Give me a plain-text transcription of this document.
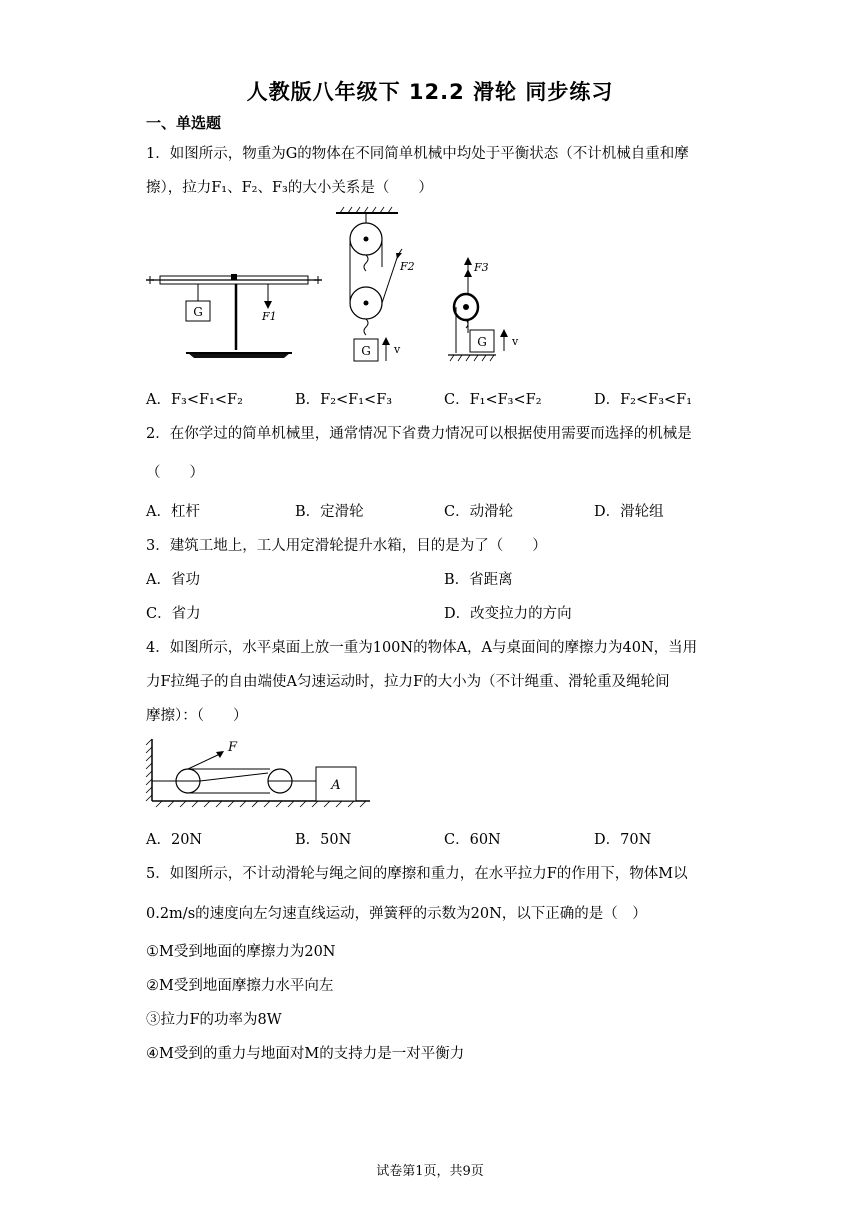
人教版八年级下 12.2 滑轮 同步练习
一、单选题
1．如图所示，物重为G的物体在不同简单机械中均处于平衡状态（不计机械自重和摩
擦），拉力F₁、F₂、F₃的大小关系是（　　）
G	F1
F2
G v
F3
G v
A．F₃<F₁<F₂	B．F₂<F₁<F₃	C．F₁<F₃<F₂	D．F₂<F₃<F₁
2．在你学过的简单机械里，通常情况下省费力情况可以根据使用需要而选择的机械是
（　　）
A．杠杆	B．定滑轮	C．动滑轮	D．滑轮组
3．建筑工地上，工人用定滑轮提升水箱，目的是为了（　　）
A．省功	B．省距离
C．省力	D．改变拉力的方向
4．如图所示，水平桌面上放一重为100N的物体A，A与桌面间的摩擦力为40N，当用
力F拉绳子的自由端使A匀速运动时，拉力F的大小为（不计绳重、滑轮重及绳轮间
摩擦）：（　　）
F
A
A．20N	B．50N	C．60N	D．70N
5．如图所示，不计动滑轮与绳之间的摩擦和重力，在水平拉力F的作用下，物体M以
0.2m/s的速度向左匀速直线运动，弹簧秤的示数为20N，以下正确的是（　）
①M受到地面的摩擦力为20N
②M受到地面摩擦力水平向左
③拉力F的功率为8W
④M受到的重力与地面对M的支持力是一对平衡力
试卷第1页，共9页
